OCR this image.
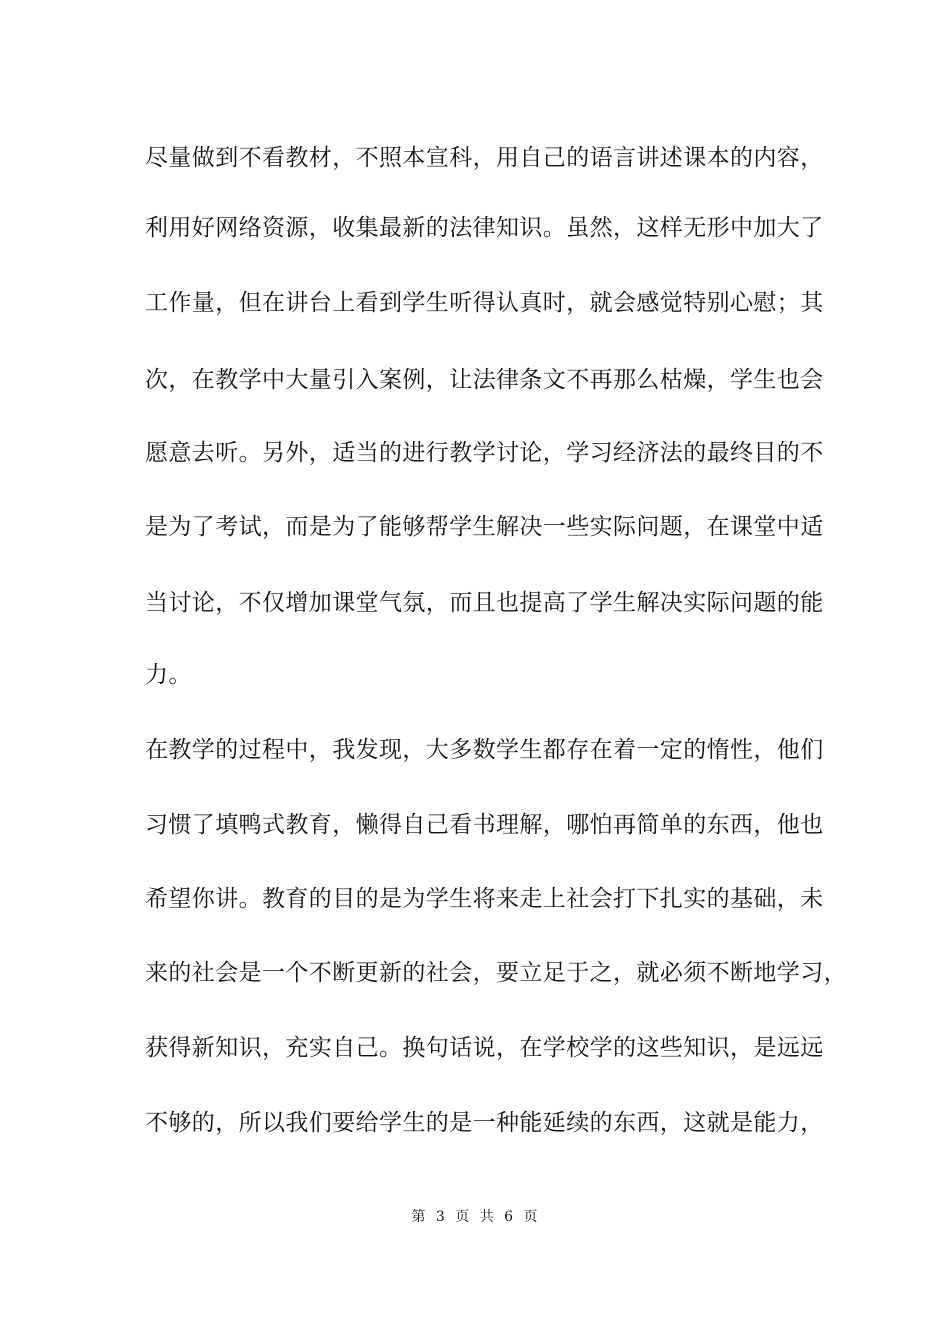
尽量做到不看教材，不照本宣科，用自己的语言讲述课本的内容，
利用好网络资源，收集最新的法律知识。虽然，这样无形中加大了
工作量，但在讲台上看到学生听得认真时，就会感觉特别心慰；其
次，在教学中大量引入案例，让法律条文不再那么枯燥，学生也会
愿意去听。另外，适当的进行教学讨论，学习经济法的最终目的不
是为了考试，而是为了能够帮学生解决一些实际问题，在课堂中适
当讨论，不仅增加课堂气氛，而且也提高了学生解决实际问题的能
力。
在教学的过程中，我发现，大多数学生都存在着一定的惰性，他们
习惯了填鸭式教育，懒得自己看书理解，哪怕再简单的东西，他也
希望你讲。教育的目的是为学生将来走上社会打下扎实的基础，未
来的社会是一个不断更新的社会，要立足于之，就必须不断地学习，
获得新知识，充实自己。换句话说，在学校学的这些知识，是远远
不够的，所以我们要给学生的是一种能延续的东西，这就是能力，
第 3 页 共 6 页
